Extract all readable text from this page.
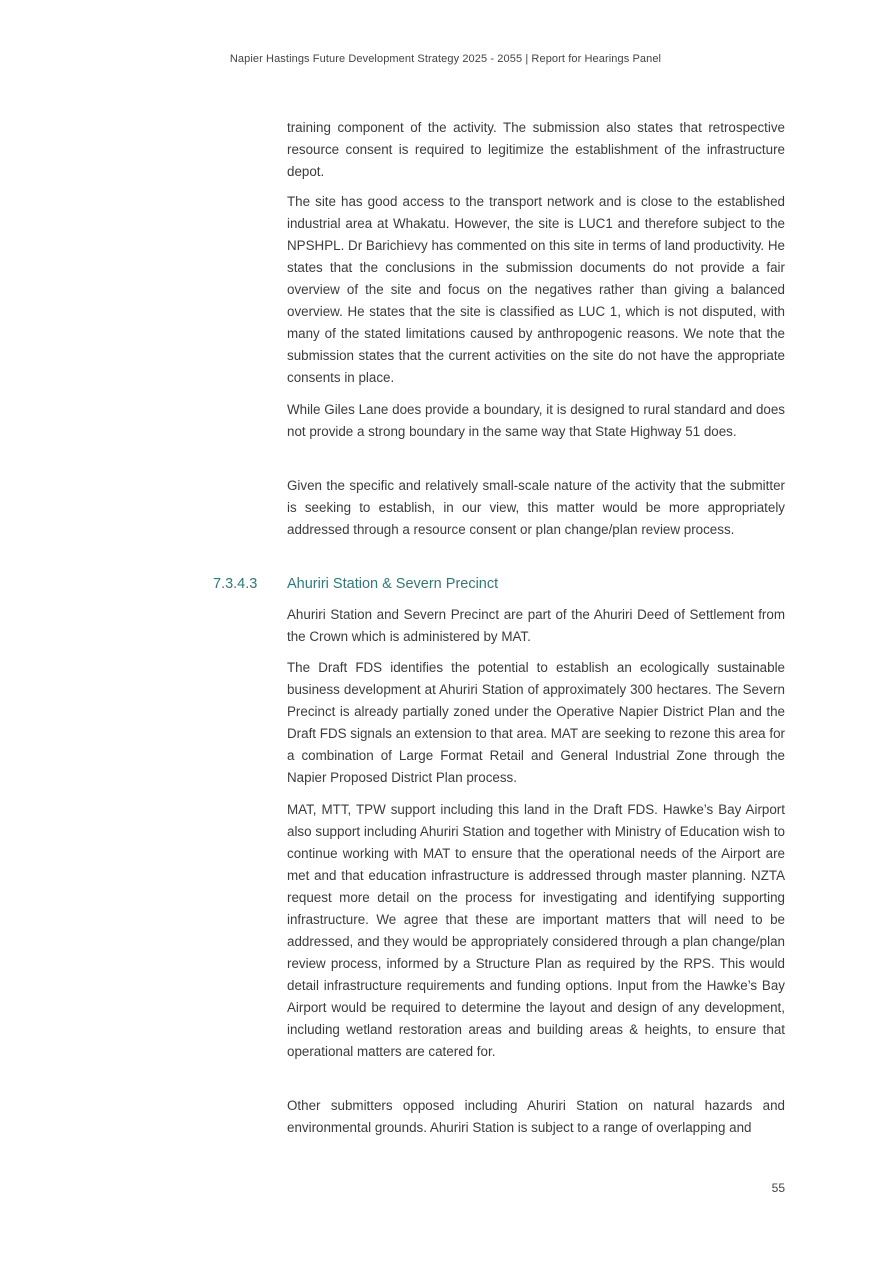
Napier Hastings Future Development Strategy 2025 - 2055 | Report for Hearings Panel

training component of the activity. The submission also states that retrospective resource consent is required to legitimize the establishment of the infrastructure depot.

The site has good access to the transport network and is close to the established industrial area at Whakatu. However, the site is LUC1 and therefore subject to the NPSHPL. Dr Barichievy has commented on this site in terms of land productivity. He states that the conclusions in the submission documents do not provide a fair overview of the site and focus on the negatives rather than giving a balanced overview. He states that the site is classified as LUC 1, which is not disputed, with many of the stated limitations caused by anthropogenic reasons. We note that the submission states that the current activities on the site do not have the appropriate consents in place.

While Giles Lane does provide a boundary, it is designed to rural standard and does not provide a strong boundary in the same way that State Highway 51 does.

Given the specific and relatively small-scale nature of the activity that the submitter is seeking to establish, in our view, this matter would be more appropriately addressed through a resource consent or plan change/plan review process.

7.3.4.3 Ahuriri Station & Severn Precinct

Ahuriri Station and Severn Precinct are part of the Ahuriri Deed of Settlement from the Crown which is administered by MAT.

The Draft FDS identifies the potential to establish an ecologically sustainable business development at Ahuriri Station of approximately 300 hectares. The Severn Precinct is already partially zoned under the Operative Napier District Plan and the Draft FDS signals an extension to that area. MAT are seeking to rezone this area for a combination of Large Format Retail and General Industrial Zone through the Napier Proposed District Plan process.

MAT, MTT, TPW support including this land in the Draft FDS. Hawke’s Bay Airport also support including Ahuriri Station and together with Ministry of Education wish to continue working with MAT to ensure that the operational needs of the Airport are met and that education infrastructure is addressed through master planning. NZTA request more detail on the process for investigating and identifying supporting infrastructure. We agree that these are important matters that will need to be addressed, and they would be appropriately considered through a plan change/plan review process, informed by a Structure Plan as required by the RPS. This would detail infrastructure requirements and funding options. Input from the Hawke’s Bay Airport would be required to determine the layout and design of any development, including wetland restoration areas and building areas & heights, to ensure that operational matters are catered for.

Other submitters opposed including Ahuriri Station on natural hazards and environmental grounds. Ahuriri Station is subject to a range of overlapping and

55
